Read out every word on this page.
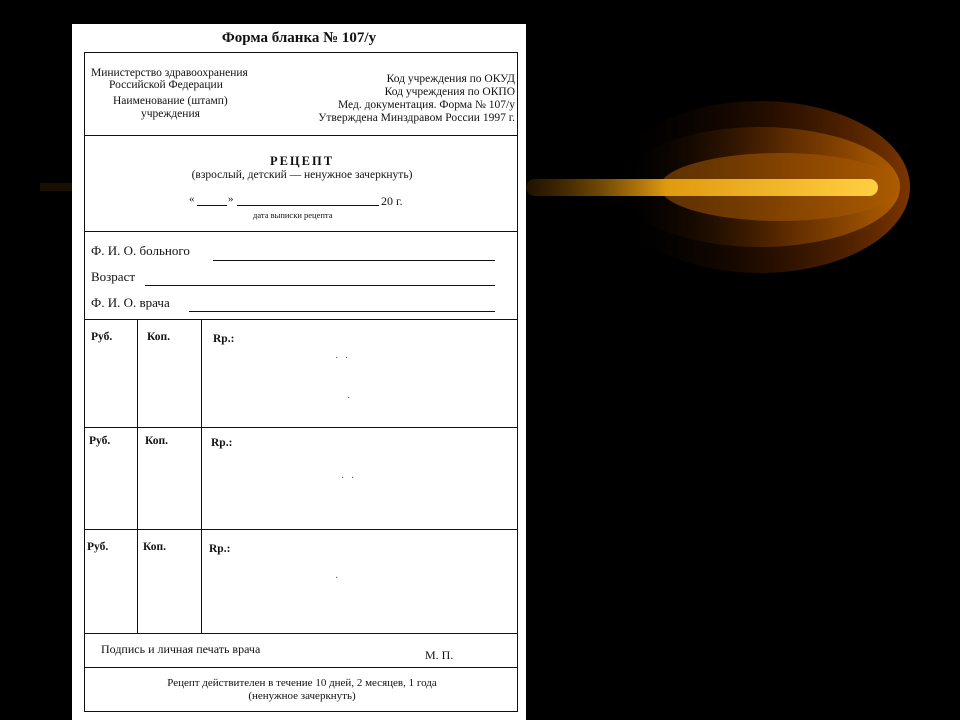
Форма бланка № 107/у
Министерство здравоохранения
Российской Федерации
Наименование (штамп)
учреждения
Код учреждения по ОКУД
Код учреждения по ОКПО
Мед. документация. Форма № 107/у
Утверждена Минздравом России 1997 г.
РЕЦЕПТ
(взрослый, детский — ненужное зачеркнуть)
«	»	20 г.
дата выписки рецепта
Ф. И. О. больного
Возраст
Ф. И. О. врача
Руб.	Коп.	Rp.:
· ·
·
Руб.	Коп.	Rp.:
· ·
Руб.	Коп.	Rp.:
·
Подпись и личная печать врача	М. П.
Рецепт действителен в течение 10 дней, 2 месяцев, 1 года
(ненужное зачеркнуть)
